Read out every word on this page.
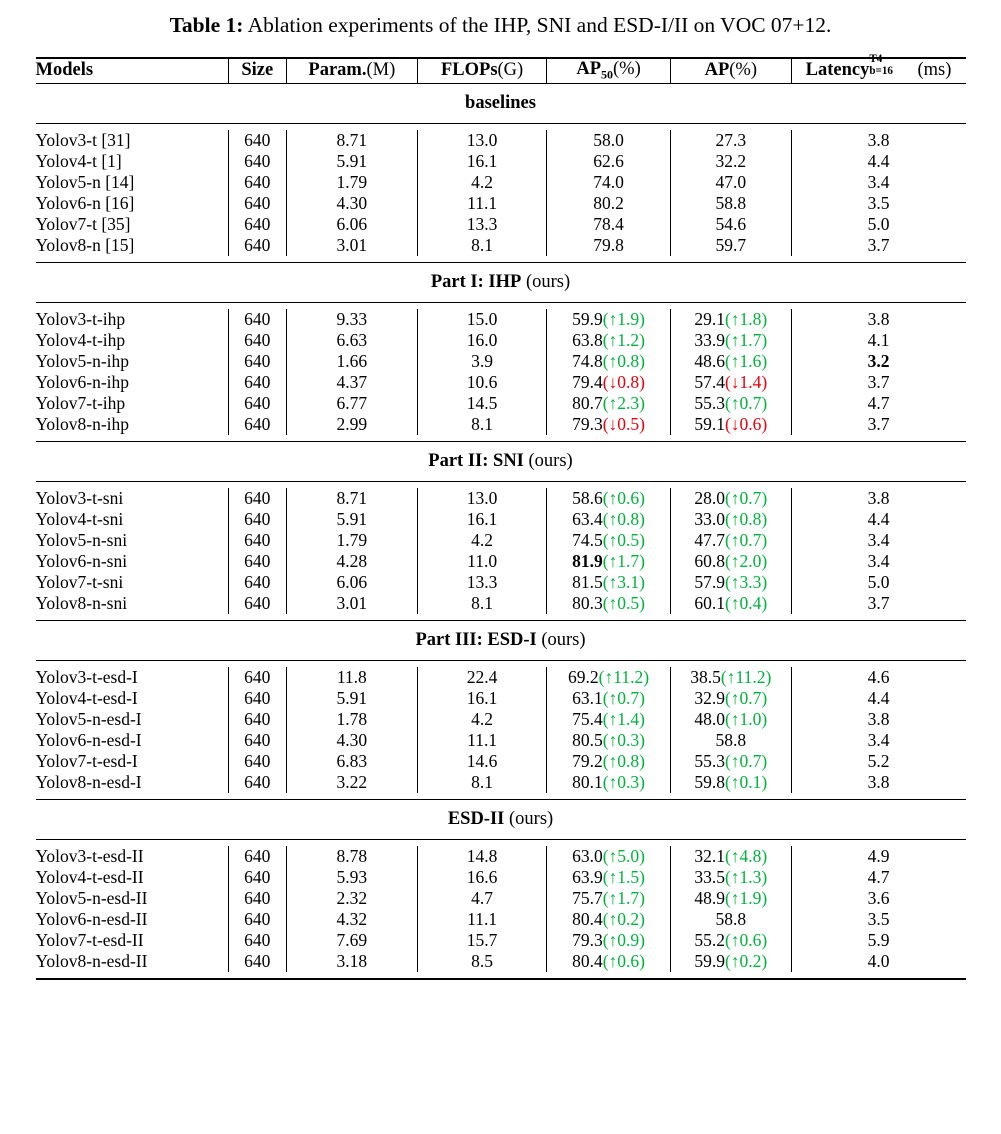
Table 1: Ablation experiments of the IHP, SNI and ESD-I/II on VOC 07+12.

Models	Size	Param.(M)	FLOPs(G)	$AP_{50}(\%)$	AP(%)	Latency
T4
b=16 (ms)

baselines						

Yolov3-t [31]	640	8.71	13.0	58.0	27.3	3.8
Yolov4-t [1]	640	5.91	16.1	62.6	32.2	4.4
Yolov5-n [14]	640	1.79	4.2	74.0	47.0	3.4
Yolov6-n [16]	640	4.30	11.1	80.2	58.8	3.5
Yolov7-t [35]	640	6.06	13.3	78.4	54.6	5.0
Yolov8-n [15]	640	3.01	8.1	79.8	59.7	3.7

Part I: IHP (ours)						

Yolov3-t-ihp	640	9.33	15.0	59.9(↑1.9)	29.1(↑1.8)	3.8
Yolov4-t-ihp	640	6.63	16.0	63.8(↑1.2)	33.9(↑1.7)	4.1
Yolov5-n-ihp	640	1.66	3.9	74.8(↑0.8)	48.6(↑1.6)	3.2
Yolov6-n-ihp	640	4.37	10.6	79.4(↓0.8)	57.4(↓1.4)	3.7
Yolov7-t-ihp	640	6.77	14.5	80.7(↑2.3)	55.3(↑0.7)	4.7
Yolov8-n-ihp	640	2.99	8.1	79.3(↓0.5)	59.1(↓0.6)	3.7

Part II: SNI (ours)						

Yolov3-t-sni	640	8.71	13.0	58.6(↑0.6)	28.0(↑0.7)	3.8
Yolov4-t-sni	640	5.91	16.1	63.4(↑0.8)	33.0(↑0.8)	4.4
Yolov5-n-sni	640	1.79	4.2	74.5(↑0.5)	47.7(↑0.7)	3.4
Yolov6-n-sni	640	4.28	11.0	81.9(↑1.7)	60.8(↑2.0)	3.4
Yolov7-t-sni	640	6.06	13.3	81.5(↑3.1)	57.9(↑3.3)	5.0
Yolov8-n-sni	640	3.01	8.1	80.3(↑0.5)	60.1(↑0.4)	3.7

Part III: ESD-I (ours)						

Yolov3-t-esd-I	640	11.8	22.4	69.2(↑11.2)	38.5(↑11.2)	4.6
Yolov4-t-esd-I	640	5.91	16.1	63.1(↑0.7)	32.9(↑0.7)	4.4
Yolov5-n-esd-I	640	1.78	4.2	75.4(↑1.4)	48.0(↑1.0)	3.8
Yolov6-n-esd-I	640	4.30	11.1	80.5(↑0.3)	58.8	3.4
Yolov7-t-esd-I	640	6.83	14.6	79.2(↑0.8)	55.3(↑0.7)	5.2
Yolov8-n-esd-I	640	3.22	8.1	80.1(↑0.3)	59.8(↑0.1)	3.8

ESD-II (ours)						

Yolov3-t-esd-II	640	8.78	14.8	63.0(↑5.0)	32.1(↑4.8)	4.9
Yolov4-t-esd-II	640	5.93	16.6	63.9(↑1.5)	33.5(↑1.3)	4.7
Yolov5-n-esd-II	640	2.32	4.7	75.7(↑1.7)	48.9(↑1.9)	3.6
Yolov6-n-esd-II	640	4.32	11.1	80.4(↑0.2)	58.8	3.5
Yolov7-t-esd-II	640	7.69	15.7	79.3(↑0.9)	55.2(↑0.6)	5.9
Yolov8-n-esd-II	640	3.18	8.5	80.4(↑0.6)	59.9(↑0.2)	4.0
